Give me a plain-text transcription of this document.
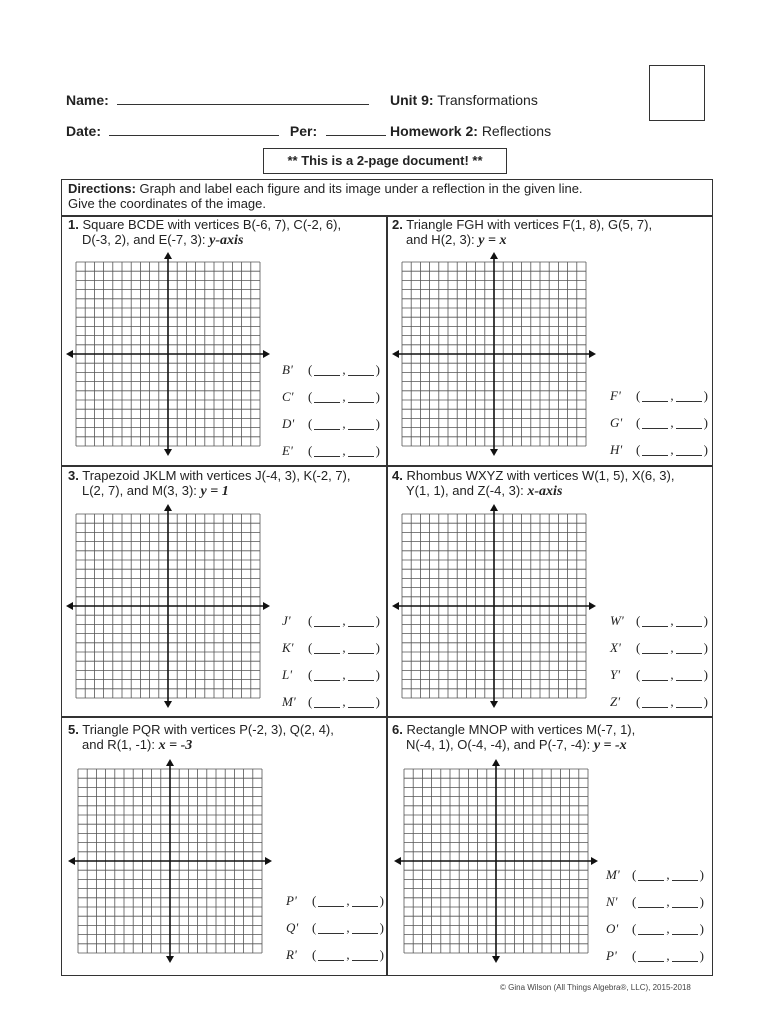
Name:
Date:	Per:
Unit 9: Transformations
Homework 2: Reflections
** This is a 2-page document! **
Directions: Graph and label each figure and its image under a reflection in the given line.
Give the coordinates of the image.
1. Square BCDE with vertices B(-6, 7), C(-2, 6),
D(-3, 2), and E(-7, 3): y-axis
B'	( , )
C'	( , )
D'	( , )
E'	( , )
2. Triangle FGH with vertices F(1, 8), G(5, 7),
and H(2, 3): y = x
F'	( , )
G'	( , )
H'	( , )
3. Trapezoid JKLM with vertices J(-4, 3), K(-2, 7),
L(2, 7), and M(3, 3): y = 1
J'	( , )
K'	( , )
L'	( , )
M' ( , )
4. Rhombus WXYZ with vertices W(1, 5), X(6, 3),
Y(1, 1), and Z(-4, 3): x-axis
W' ( , )
X'	( , )
Y'	( , )
Z'	( , )
5. Triangle PQR with vertices P(-2, 3), Q(2, 4),
and R(1, -1): x = -3
P'	( , )
Q'	( , )
R'	( , )
6. Rectangle MNOP with vertices M(-7, 1),
N(-4, 1), O(-4, -4), and P(-7, -4): y = -x
M' ( , )
N'	( , )
O'	( , )
P'	( , )
© Gina Wilson (All Things Algebra®, LLC), 2015-2018
